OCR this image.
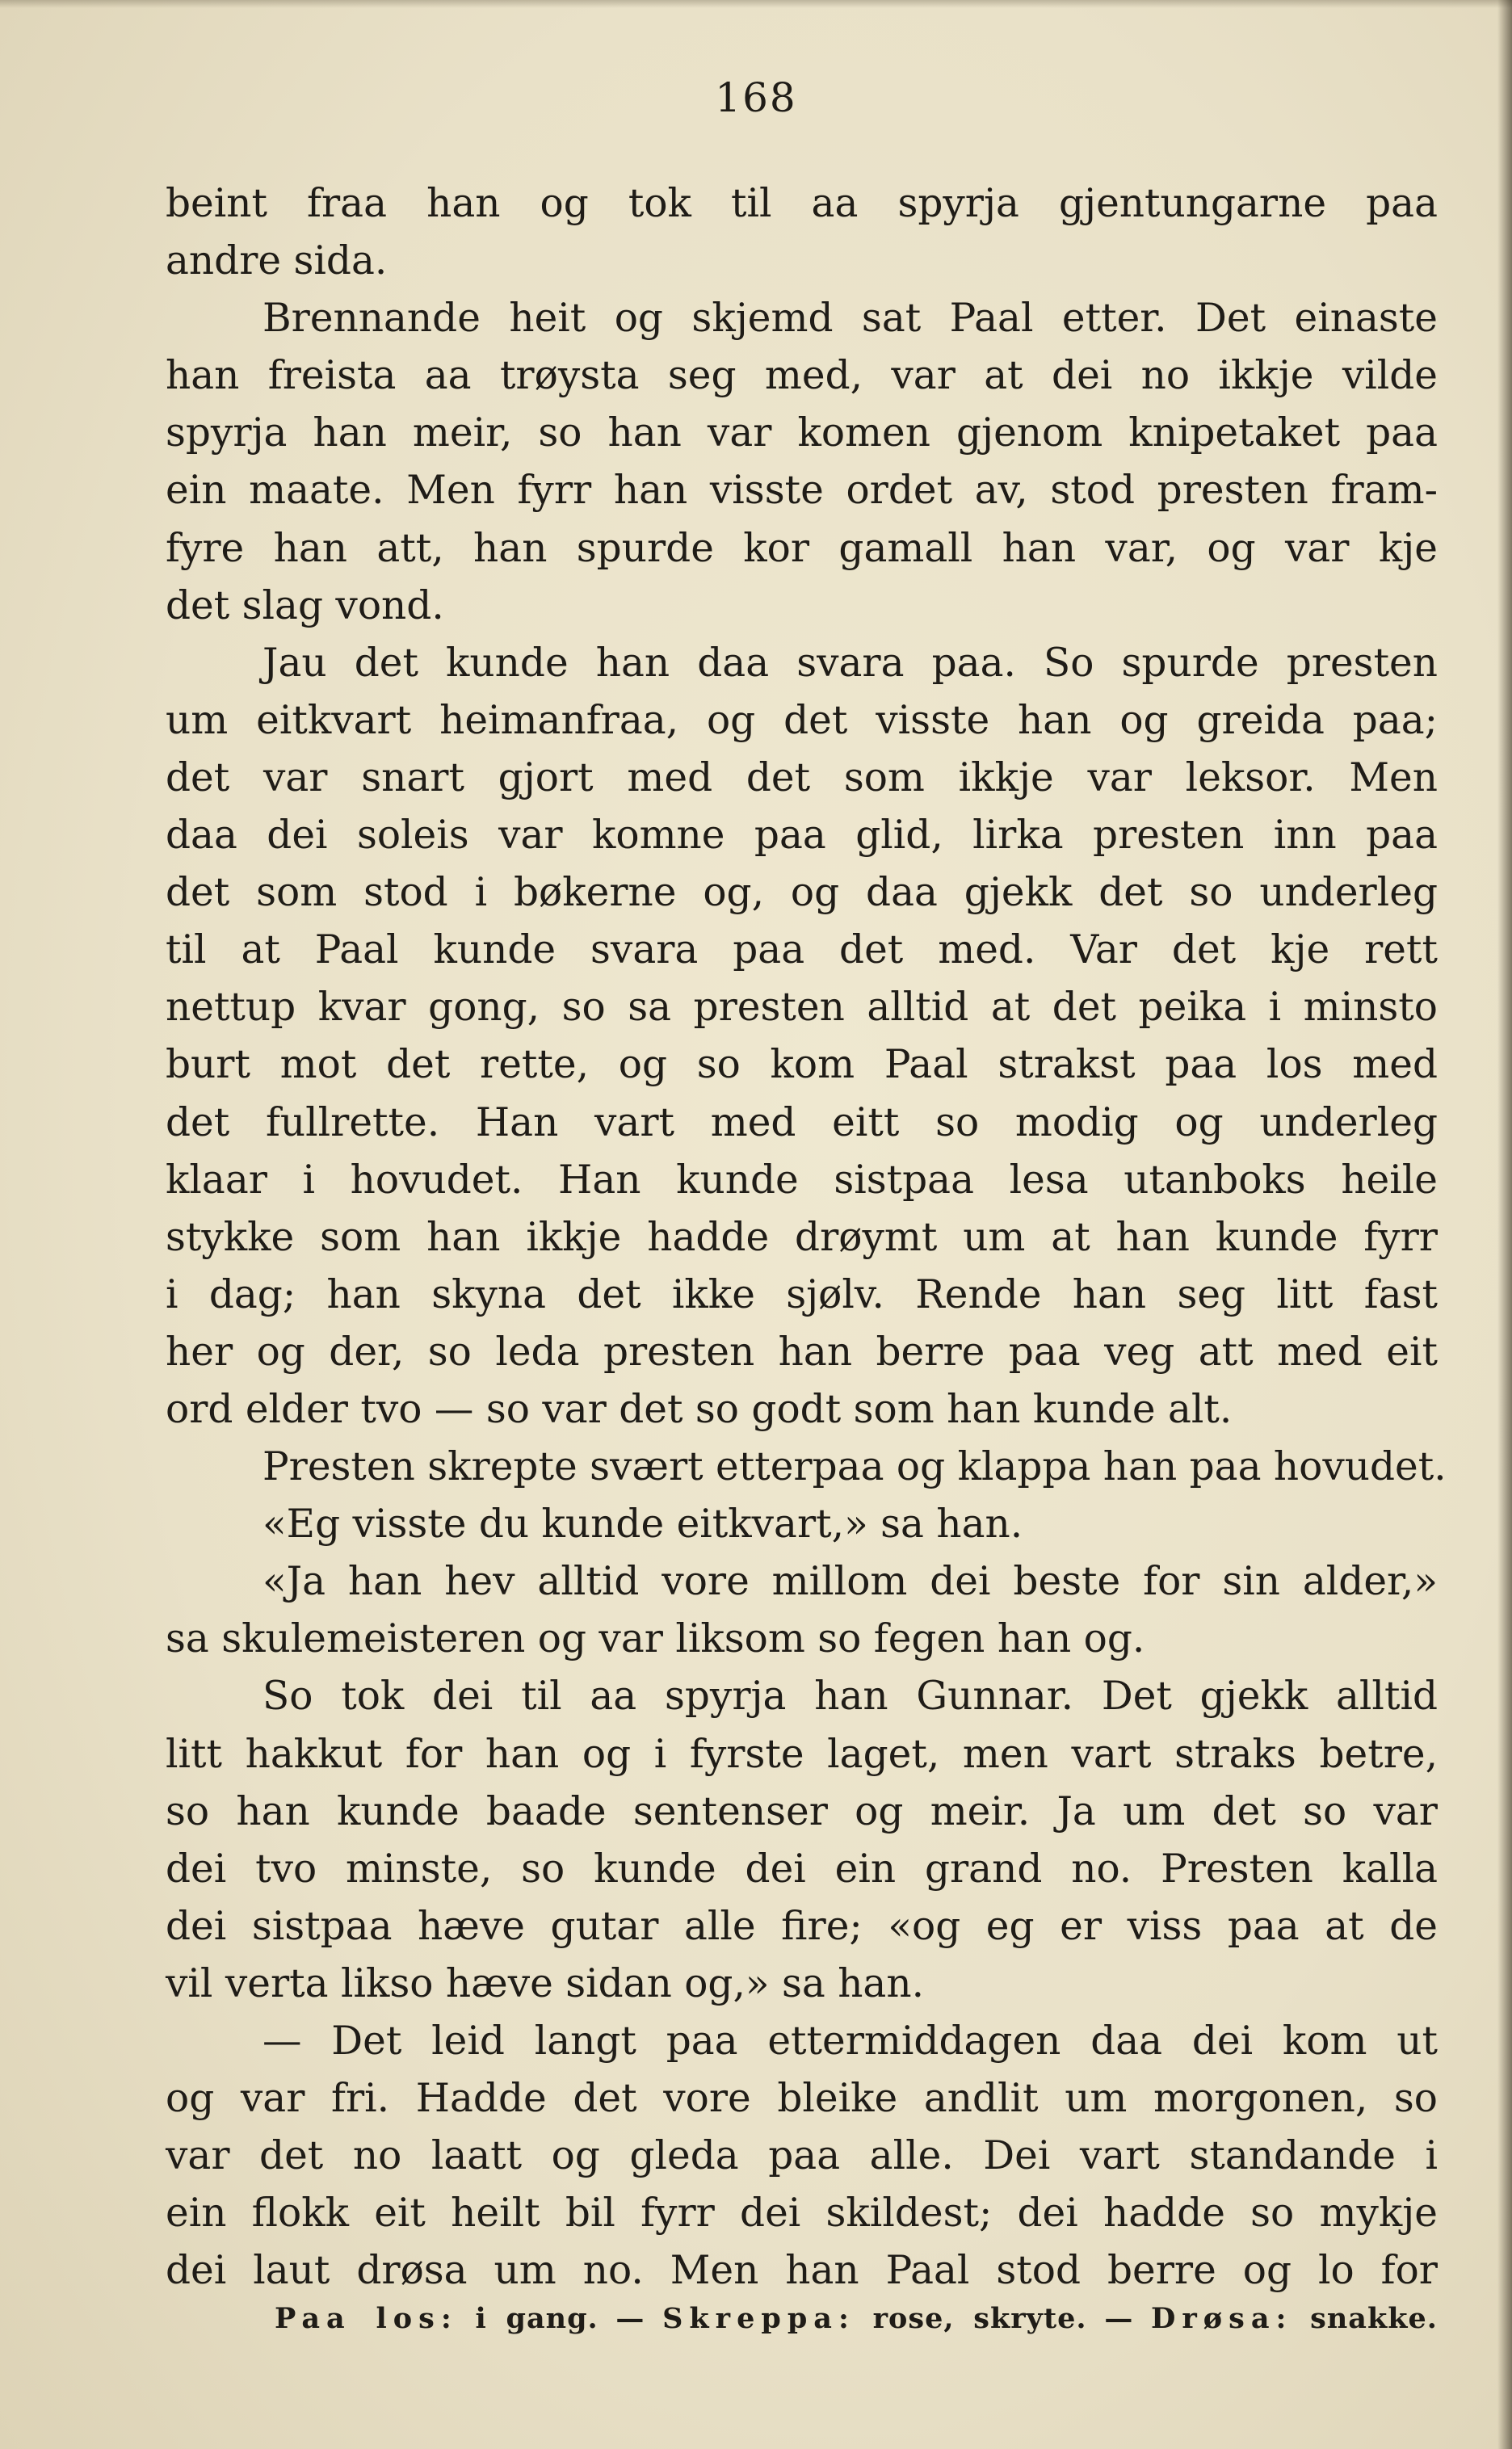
168
beint fraa han og tok til aa spyrja gjentungarne paa
andre sida.
Brennande heit og skjemd sat Paal etter. Det einaste
han freista aa trøysta seg med, var at dei no ikkje vilde
spyrja han meir, so han var komen gjenom knipetaket paa
ein maate. Men fyrr han visste ordet av, stod presten fram-
fyre han att, han spurde kor gamall han var, og var kje
det slag vond.
Jau det kunde han daa svara paa. So spurde presten
um eitkvart heimanfraa, og det visste han og greida paa;
det var snart gjort med det som ikkje var leksor. Men
daa dei soleis var komne paa glid, lirka presten inn paa
det som stod i bøkerne og, og daa gjekk det so underleg
til at Paal kunde svara paa det med. Var det kje rett
nettup kvar gong, so sa presten alltid at det peika i minsto
burt mot det rette, og so kom Paal strakst paa los med
det fullrette. Han vart med eitt so modig og underleg
klaar i hovudet. Han kunde sistpaa lesa utanboks heile
stykke som han ikkje hadde drøymt um at han kunde fyrr
i dag; han skyna det ikke sjølv. Rende han seg litt fast
her og der, so leda presten han berre paa veg att med eit
ord elder tvo — so var det so godt som han kunde alt.
Presten skrepte svært etterpaa og klappa han paa hovudet.
«Eg visste du kunde eitkvart,» sa han.
«Ja han hev alltid vore millom dei beste for sin alder,»
sa skulemeisteren og var liksom so fegen han og.
So tok dei til aa spyrja han Gunnar. Det gjekk alltid
litt hakkut for han og i fyrste laget, men vart straks betre,
so han kunde baade sentenser og meir. Ja um det so var
dei tvo minste, so kunde dei ein grand no. Presten kalla
dei sistpaa hæve gutar alle fire; «og eg er viss paa at de
vil verta likso hæve sidan og,» sa han.
— Det leid langt paa ettermiddagen daa dei kom ut
og var fri. Hadde det vore bleike andlit um morgonen, so
var det no laatt og gleda paa alle. Dei vart standande i
ein flokk eit heilt bil fyrr dei skildest; dei hadde so mykje
dei laut drøsa um no. Men han Paal stod berre og lo for
Paa los: i gang. — Skreppa: rose, skryte. — Drøsa: snakke.
